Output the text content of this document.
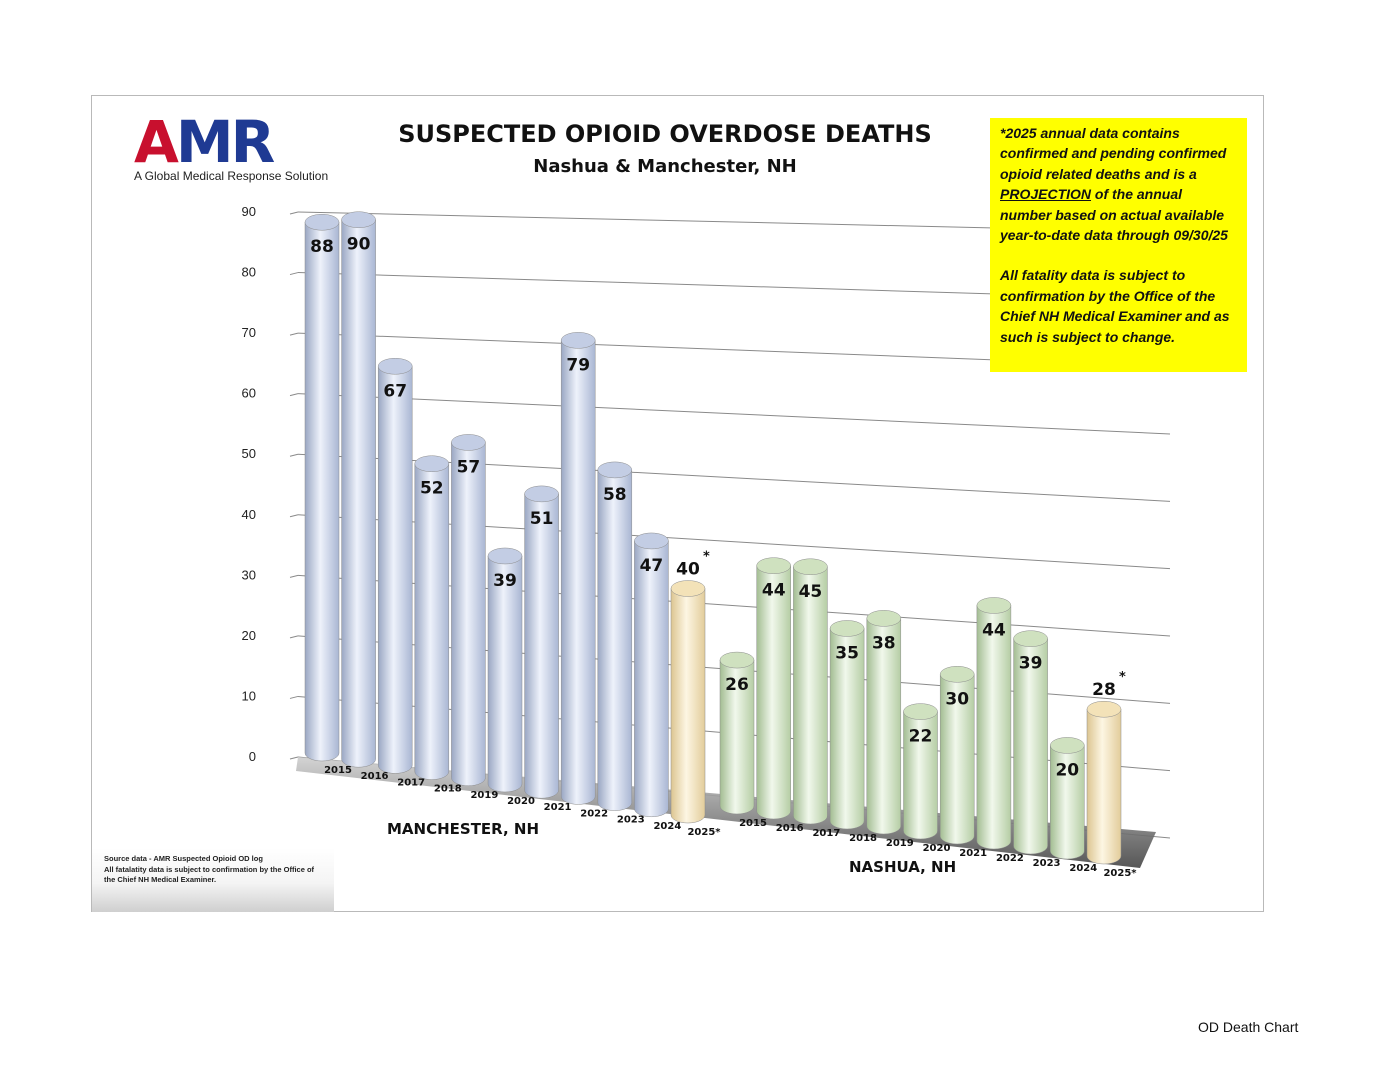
0
10
20
30
40
50
60
70
80
90
88
2015
90
2016
67
2017
52
2018
57
2019
39
2020
51
2021
79
2022
58
2023
47
2024
40
*
2025*
26
2015
44
2016
45
2017
35
2018
38
2019
22
2020
30
2021
44
2022
39
2023
20
2024
28
*
2025*
MANCHESTER, NH
NASHUA, NH
AMR
A Global Medical Response Solution
SUSPECTED OPIOID OVERDOSE DEATHS
Nashua & Manchester, NH

*2025 annual data contains confirmed and pending confirmed opioid related deaths and is a PROJECTION of the annual number based on actual available year-to-date data through 09/30/25

All fatality data is subject to confirmation by the Office of the Chief NH Medical Examiner and as such is subject to change.

Source data - AMR Suspected Opioid OD log
All fatalatity data is subject to confirmation by the Office of the Chief NH Medical Examiner.
OD Death Chart
